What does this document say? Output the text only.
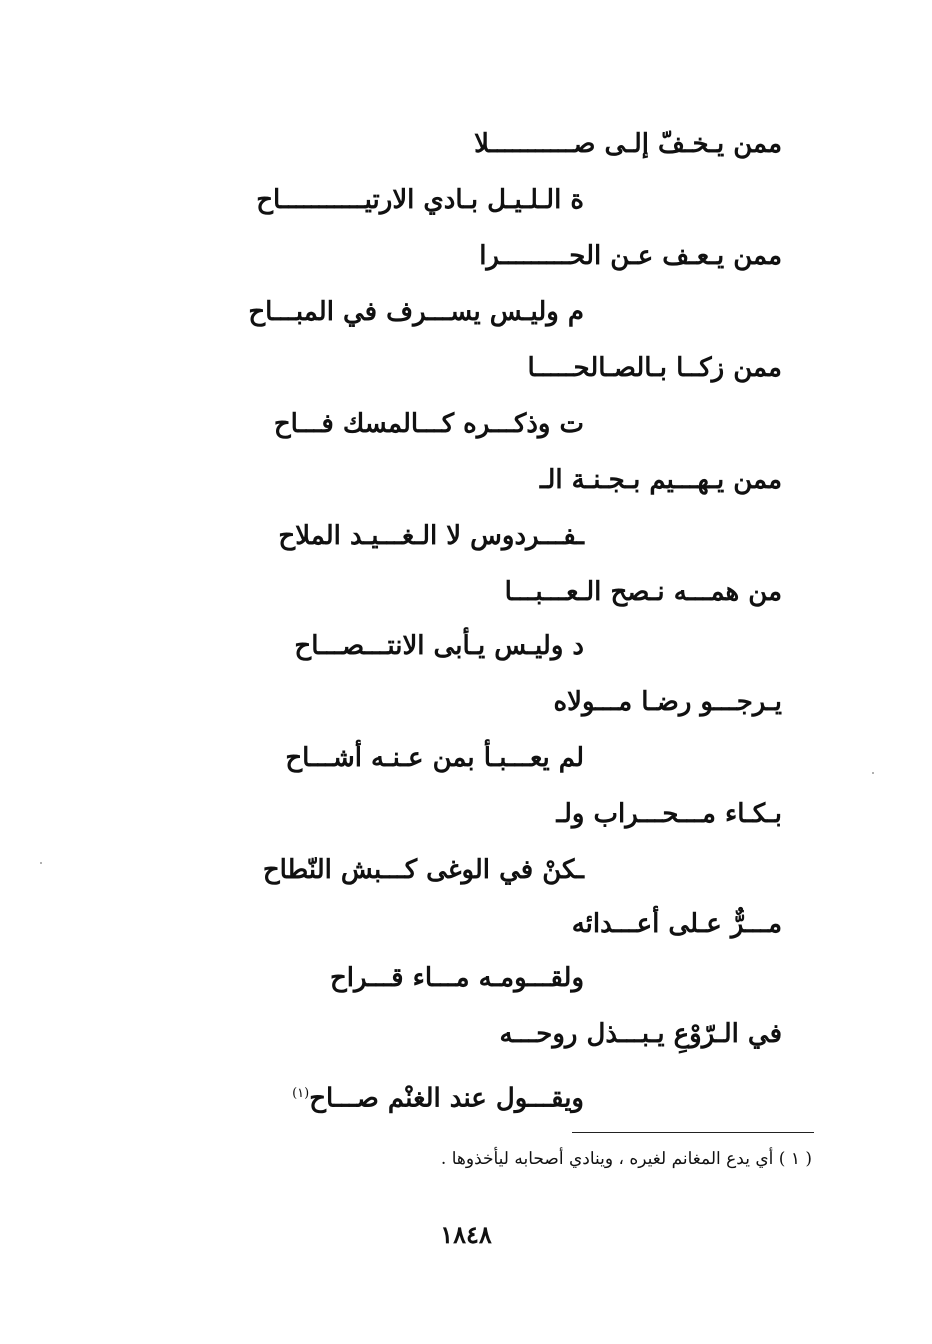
ممن يـخـفّ إلـى صـــــــــــلا
ة الـلـيـل بـادي الارتيـــــــــــاح
ممن يـعـف عـن الحـــــــــرا
م وليـس يســـرف في المبـــاح
ممن زكــا بـالصـالحـــــا
ت وذكـــره كـــالمسك فـــاح
ممن يـهـــيم بـجـنـة الـ
ـفـــردوس لا الـغـــيـد الملاح
من همـــه نـصح الـعـــبـــا
د وليـس يـأبى الانتـــصـــاح
يـرجـــو رضـا مـــولاه
لم يعـــبـأ بمن عـنـه أشـــاح
بـكـاء مـــحـــراب ولـ
ـكنْ في الوغى كـــبش النّطاح
مـــرٌّ عـلى أعـــدائه
ولقـــومـه مـــاء قـــراح
في الـرّوْعِ يـبـــذل روحـــه
ويقـــول عند الغنْم صـــاح$^{(١)}$
( ١ ) أي يدع المغانم لغيره ، وينادي أصحابه ليأخذوها .
١٨٤٨
